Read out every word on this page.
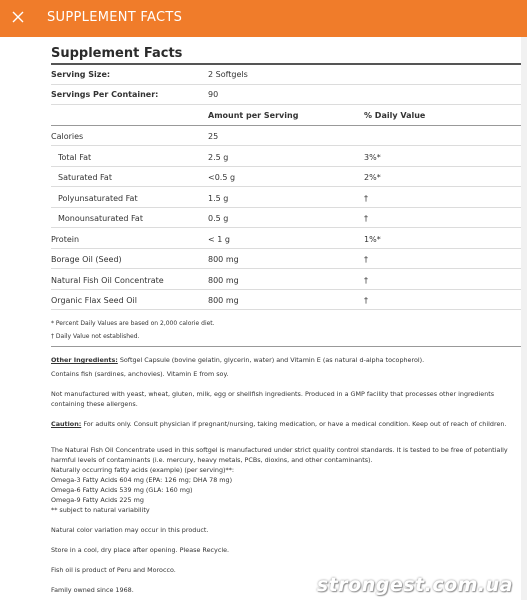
SUPPLEMENT FACTS
Supplement Facts
Serving Size:	2 Softgels
Servings Per Container:	90
Amount per Serving	% Daily Value
Calories	25
Total Fat	2.5 g	3%*
Saturated Fat	<0.5 g	2%*
Polyunsaturated Fat	1.5 g	†
Monounsaturated Fat	0.5 g	†
Protein	< 1 g	1%*
Borage Oil (Seed)	800 mg	†
Natural Fish Oil Concentrate	800 mg	†
Organic Flax Seed Oil	800 mg	†
* Percent Daily Values are based on 2,000 calorie diet.
† Daily Value not established.
Other Ingredients: Softgel Capsule (bovine gelatin, glycerin, water) and Vitamin E (as natural d-alpha tocopherol).
Contains fish (sardines, anchovies). Vitamin E from soy.
Not manufactured with yeast, wheat, gluten, milk, egg or shellfish ingredients. Produced in a GMP facility that processes other ingredients containing these allergens.
Caution: For adults only. Consult physician if pregnant/nursing, taking medication, or have a medical condition. Keep out of reach of children.
The Natural Fish Oil Concentrate used in this softgel is manufactured under strict quality control standards. It is tested to be free of potentially harmful levels of contaminants (i.e. mercury, heavy metals, PCBs, dioxins, and other contaminants).
Naturally occurring fatty acids (example) (per serving)**:
Omega-3 Fatty Acids 604 mg (EPA: 126 mg; DHA 78 mg)
Omega-6 Fatty Acids 539 mg (GLA: 160 mg)
Omega-9 Fatty Acids 225 mg
** subject to natural variability
Natural color variation may occur in this product.
Store in a cool, dry place after opening. Please Recycle.
Fish oil is product of Peru and Morocco.
Family owned since 1968.	strongest.com.ua
